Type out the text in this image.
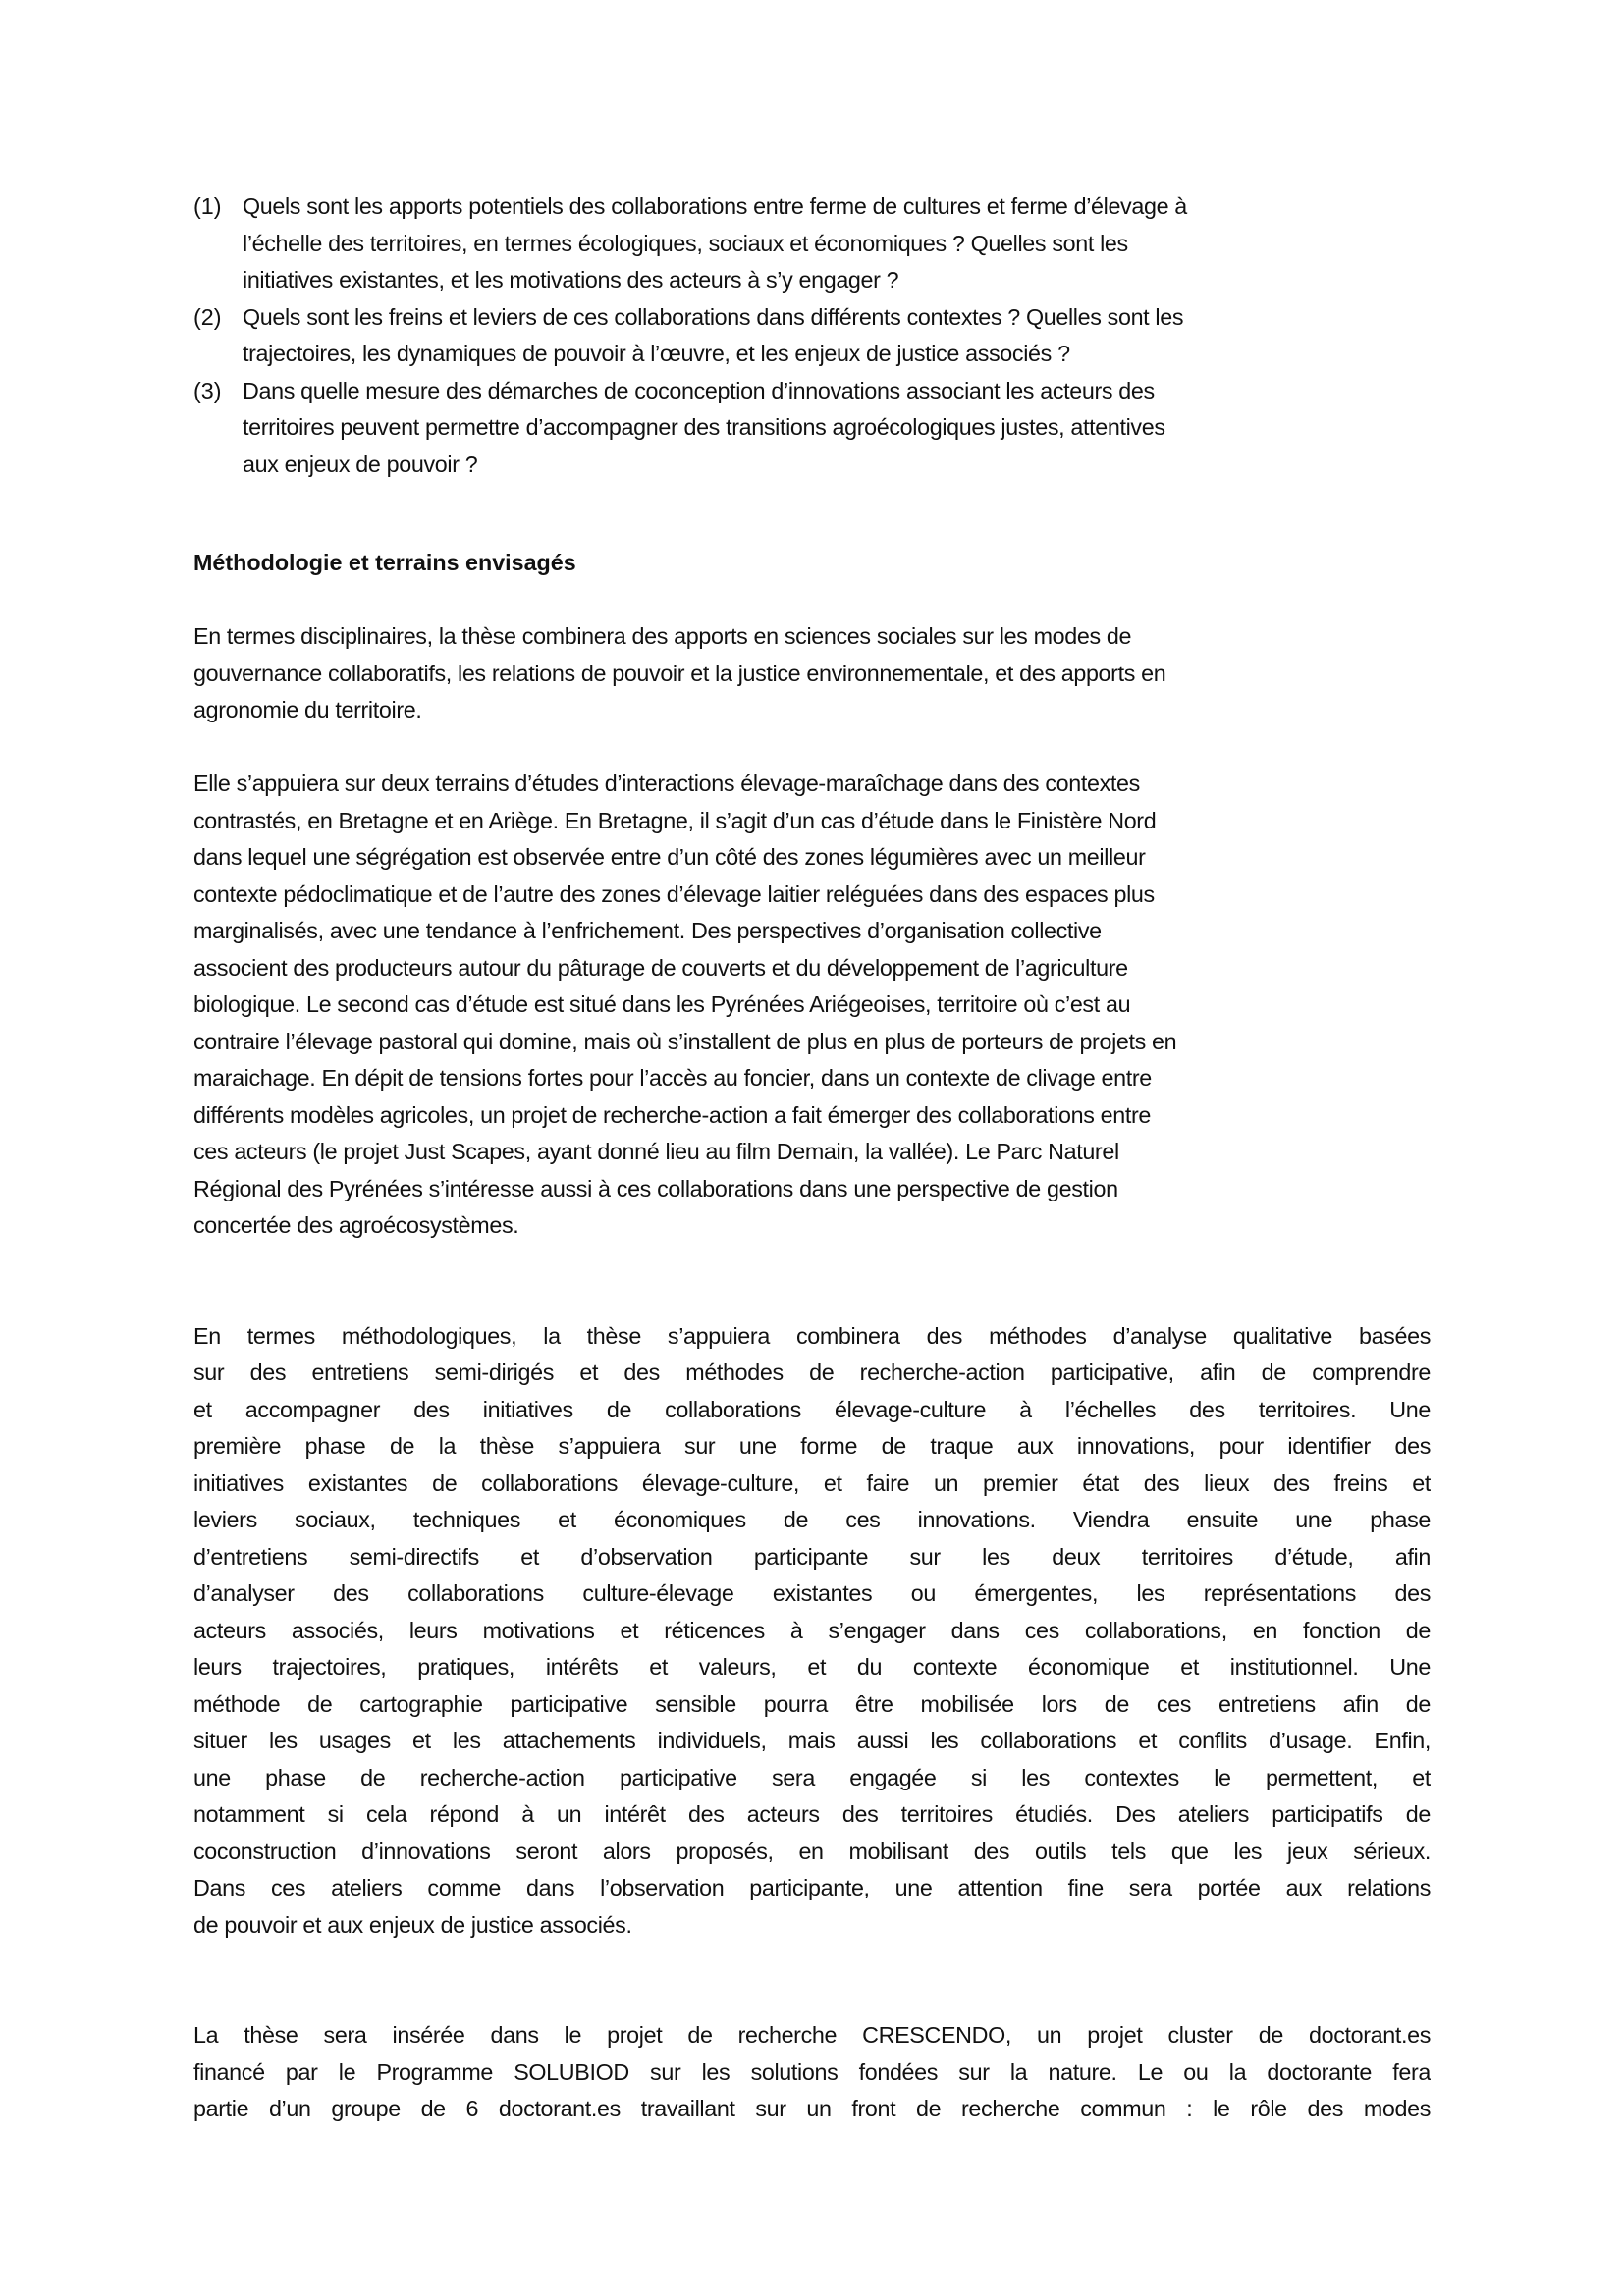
(1) Quels sont les apports potentiels des collaborations entre ferme de cultures et ferme d’élevage à
l’échelle des territoires, en termes écologiques, sociaux et économiques ? Quelles sont les
initiatives existantes, et les motivations des acteurs à s’y engager ?
(2) Quels sont les freins et leviers de ces collaborations dans différents contextes ? Quelles sont les
trajectoires, les dynamiques de pouvoir à l’œuvre, et les enjeux de justice associés ?
(3) Dans quelle mesure des démarches de coconception d’innovations associant les acteurs des
territoires peuvent permettre d’accompagner des transitions agroécologiques justes, attentives
aux enjeux de pouvoir ?
Méthodologie et terrains envisagés
En termes disciplinaires, la thèse combinera des apports en sciences sociales sur les modes de
gouvernance collaboratifs, les relations de pouvoir et la justice environnementale, et des apports en
agronomie du territoire.
Elle s’appuiera sur deux terrains d’études d’interactions élevage-maraîchage dans des contextes
contrastés, en Bretagne et en Ariège. En Bretagne, il s’agit d’un cas d’étude dans le Finistère Nord
dans lequel une ségrégation est observée entre d’un côté des zones légumières avec un meilleur
contexte pédoclimatique et de l’autre des zones d’élevage laitier reléguées dans des espaces plus
marginalisés, avec une tendance à l’enfrichement. Des perspectives d’organisation collective
associent des producteurs autour du pâturage de couverts et du développement de l’agriculture
biologique. Le second cas d’étude est situé dans les Pyrénées Ariégeoises, territoire où c’est au
contraire l’élevage pastoral qui domine, mais où s’installent de plus en plus de porteurs de projets en
maraichage. En dépit de tensions fortes pour l’accès au foncier, dans un contexte de clivage entre
différents modèles agricoles, un projet de recherche-action a fait émerger des collaborations entre
ces acteurs (le projet Just Scapes, ayant donné lieu au film Demain, la vallée). Le Parc Naturel
Régional des Pyrénées s’intéresse aussi à ces collaborations dans une perspective de gestion
concertée des agroécosystèmes.
En termes méthodologiques, la thèse s’appuiera combinera des méthodes d’analyse qualitative basées
sur des entretiens semi-dirigés et des méthodes de recherche-action participative, afin de comprendre
et accompagner des initiatives de collaborations élevage-culture à l’échelles des territoires. Une
première phase de la thèse s’appuiera sur une forme de traque aux innovations, pour identifier des
initiatives existantes de collaborations élevage-culture, et faire un premier état des lieux des freins et
leviers sociaux, techniques et économiques de ces innovations. Viendra ensuite une phase
d’entretiens semi-directifs et d’observation participante sur les deux territoires d’étude, afin
d’analyser des collaborations culture-élevage existantes ou émergentes, les représentations des
acteurs associés, leurs motivations et réticences à s’engager dans ces collaborations, en fonction de
leurs trajectoires, pratiques, intérêts et valeurs, et du contexte économique et institutionnel. Une
méthode de cartographie participative sensible pourra être mobilisée lors de ces entretiens afin de
situer les usages et les attachements individuels, mais aussi les collaborations et conflits d’usage. Enfin,
une phase de recherche-action participative sera engagée si les contextes le permettent, et
notamment si cela répond à un intérêt des acteurs des territoires étudiés. Des ateliers participatifs de
coconstruction d’innovations seront alors proposés, en mobilisant des outils tels que les jeux sérieux.
Dans ces ateliers comme dans l’observation participante, une attention fine sera portée aux relations
de pouvoir et aux enjeux de justice associés.
La thèse sera insérée dans le projet de recherche CRESCENDO, un projet cluster de doctorant.es
financé par le Programme SOLUBIOD sur les solutions fondées sur la nature. Le ou la doctorante fera
partie d’un groupe de 6 doctorant.es travaillant sur un front de recherche commun : le rôle des modes
